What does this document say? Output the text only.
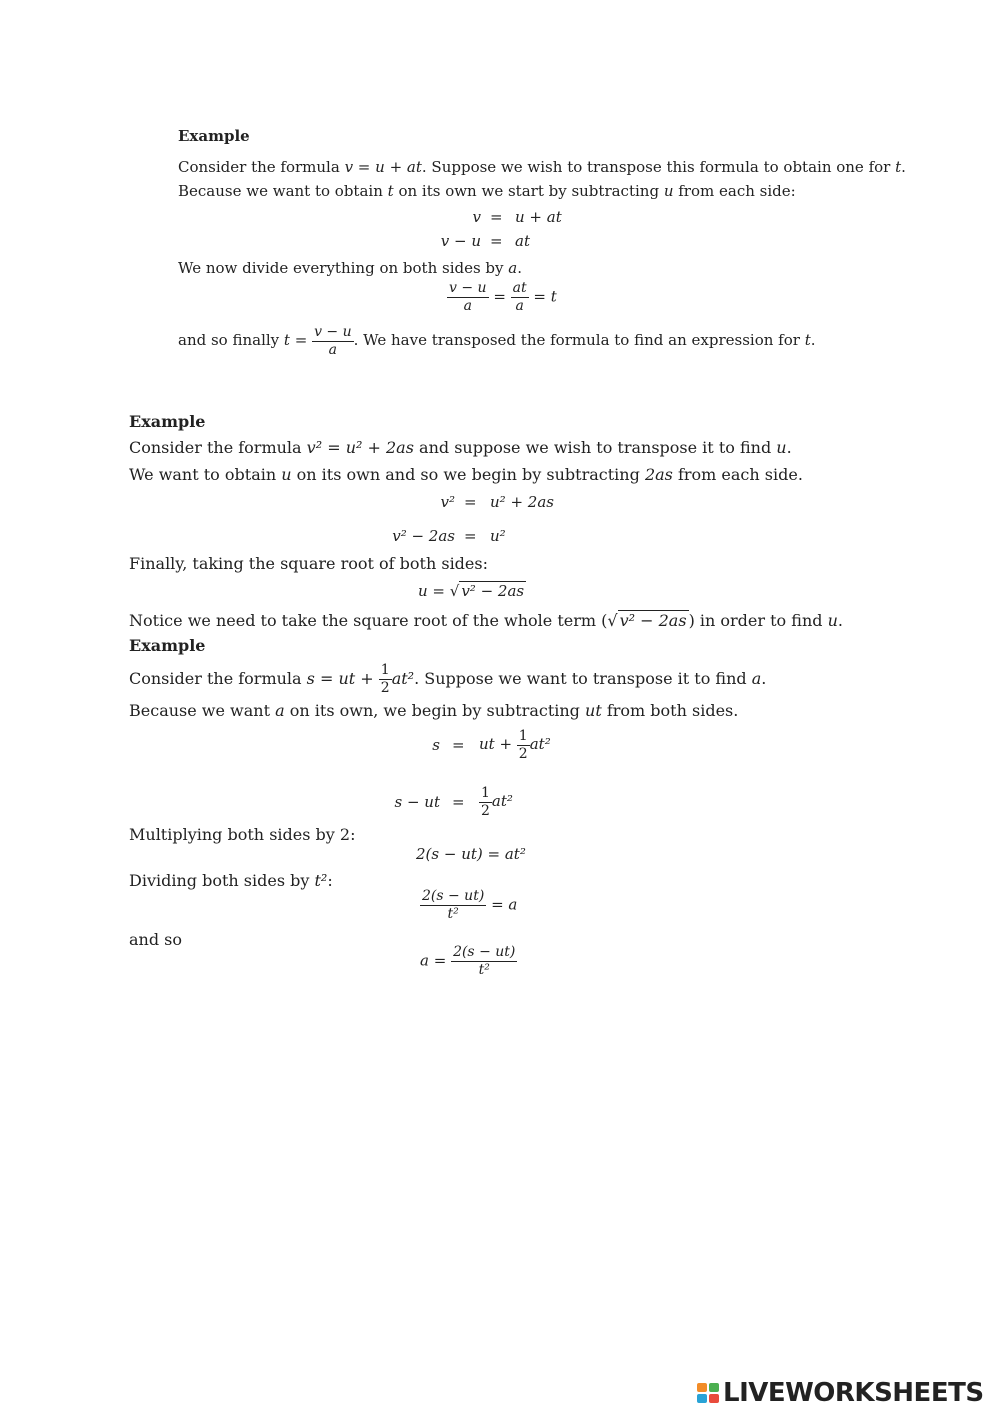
Example
Consider the formula v = u + at. Suppose we wish to transpose this formula to obtain one for t.
Because we want to obtain t on its own we start by subtracting u from each side:
v = u + at
v − u = at
We now divide everything on both sides by a.
$\frac{v - u}{a} = \frac{at}{a} = t$
and so finally $t = \frac{v - u}{a}$ . We have transposed the formula to find an expression for t.
Example
Consider the formula v² = u² + 2as and suppose we wish to transpose it to find u.
We want to obtain u on its own and so we begin by subtracting 2as from each side.
v² = u² + 2as
v² − 2as = u²
Finally, taking the square root of both sides:
u = √ v² − 2as
Notice we need to take the square root of the whole term (√ v² − 2as ) in order to find u.
Example
Consider the formula s = ut + $\frac{1}{2} at^2$. Suppose we want to transpose it to find a.
Because we want a on its own, we begin by subtracting ut from both sides.
s = ut + $\frac{1}{2} at^2$
s − ut = $\frac{1}{2} at^2$
Multiplying both sides by 2:
2(s − ut) = at²
Dividing both sides by t²:
$\frac{2(s - ut)}{\text{t²}} = a$
and so
$a = \frac{2(s - ut)}{\text{t²}}$
LIVEWORKSHEETS
